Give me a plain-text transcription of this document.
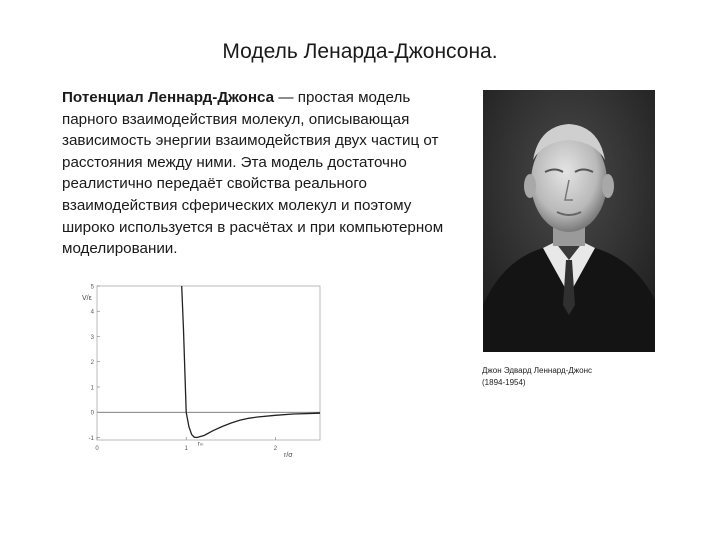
Модель Ленарда-Джонсона.
Потенциал Леннард-Джонса — простая модель парного взаимодействия молекул, описывающая зависимость энергии взаимодействия двух частиц от расстояния между ними. Эта модель достаточно реалистично передаёт свойства реального взаимодействия сферических молекул и поэтому широко используется в расчётах и при компьютерном моделировании.
Джон Эдвард Леннард-Джонс
(1894-1954)
5
4
3
2
1
0
-1
0	1	2
V/ε
r/σ
rₘ
